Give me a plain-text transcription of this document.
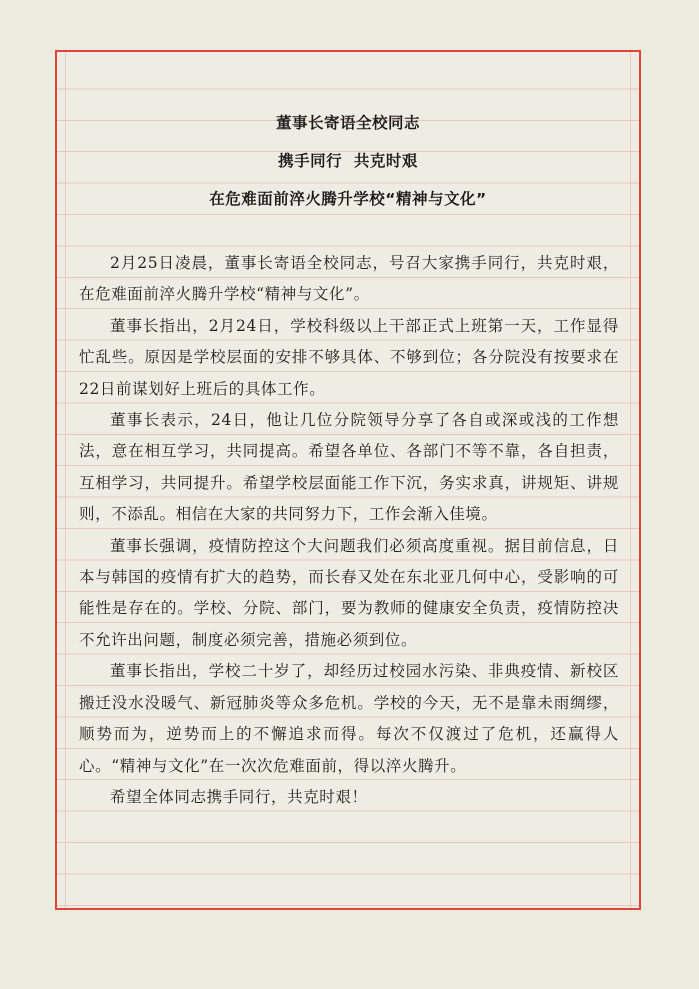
董事长寄语全校同志
携手同行  共克时艰
在危难面前淬火腾升学校“精神与文化”

2月25日凌晨，董事长寄语全校同志，号召大家携手同行，共克时艰，在危难面前淬火腾升学校“精神与文化”。

董事长指出，2月24日，学校科级以上干部正式上班第一天，工作显得忙乱些。原因是学校层面的安排不够具体、不够到位；各分院没有按要求在22日前谋划好上班后的具体工作。

董事长表示，24日，他让几位分院领导分享了各自或深或浅的工作想法，意在相互学习，共同提高。希望各单位、各部门不等不靠，各自担责，互相学习，共同提升。希望学校层面能工作下沉，务实求真，讲规矩、讲规则，不添乱。相信在大家的共同努力下，工作会渐入佳境。

董事长强调，疫情防控这个大问题我们必须高度重视。据目前信息，日本与韩国的疫情有扩大的趋势，而长春又处在东北亚几何中心，受影响的可能性是存在的。学校、分院、部门，要为教师的健康安全负责，疫情防控决不允许出问题，制度必须完善，措施必须到位。

董事长指出，学校二十岁了，却经历过校园水污染、非典疫情、新校区搬迁没水没暖气、新冠肺炎等众多危机。学校的今天，无不是靠未雨绸缪，顺势而为，逆势而上的不懈追求而得。每次不仅渡过了危机，还赢得人心。“精神与文化”在一次次危难面前，得以淬火腾升。

希望全体同志携手同行，共克时艰！
